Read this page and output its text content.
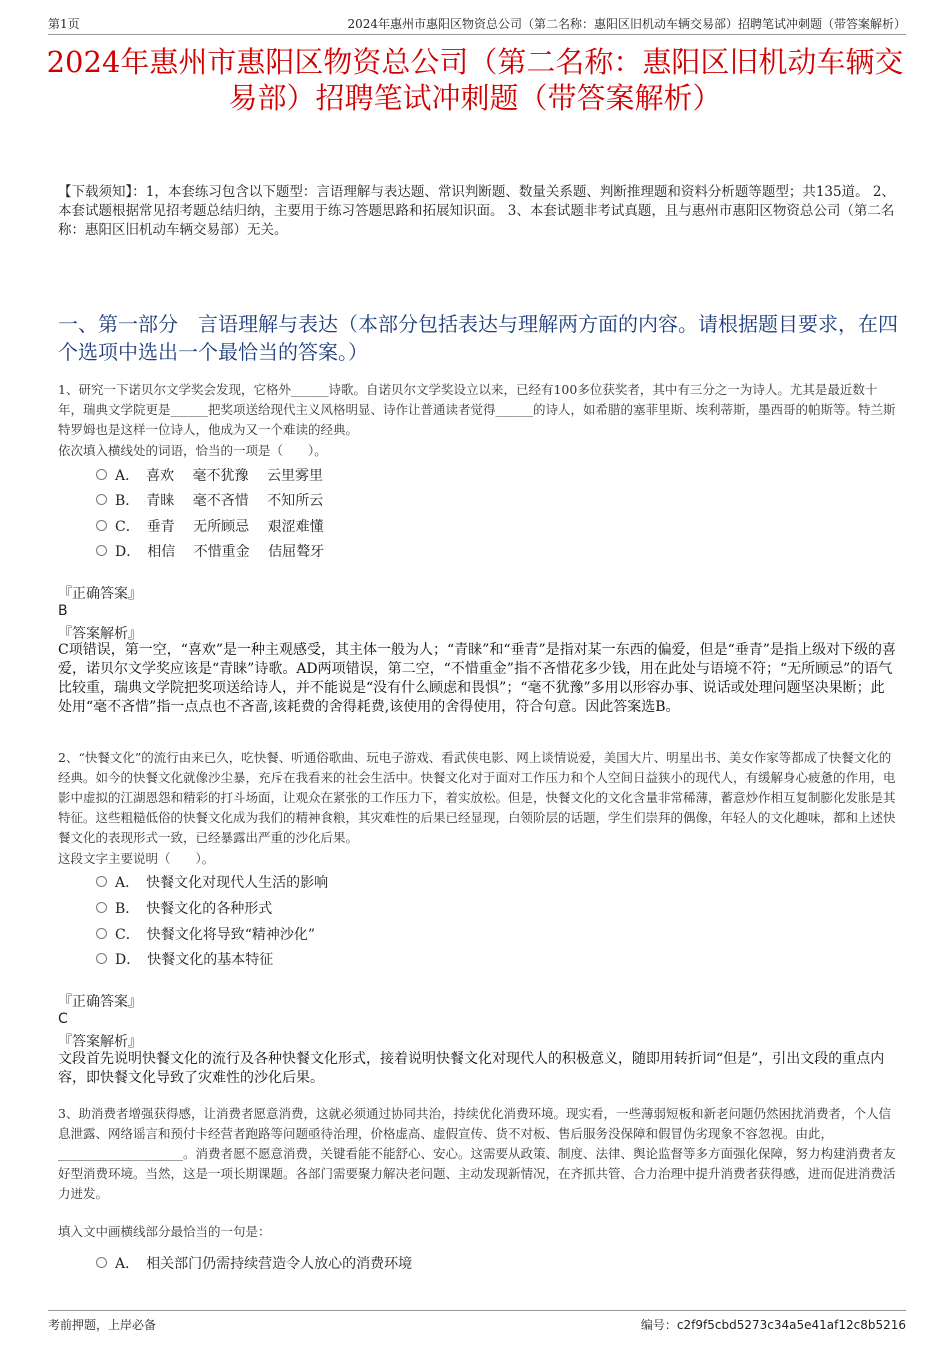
第1页	2024年惠州市惠阳区物资总公司（第二名称：惠阳区旧机动车辆交易部）招聘笔试冲刺题（带答案解析）
2024年惠州市惠阳区物资总公司（第二名称：惠阳区旧机动车辆交易部）招聘笔试冲刺题（带答案解析）
【下载须知】：1，本套练习包含以下题型：言语理解与表达题、常识判断题、数量关系题、判断推理题和资料分析题等题型；共135道。 2、本套试题根据常见招考题总结归纳，主要用于练习答题思路和拓展知识面。 3、本套试题非考试真题，且与惠州市惠阳区物资总公司（第二名称：惠阳区旧机动车辆交易部）无关。
一、第一部分　言语理解与表达（本部分包括表达与理解两方面的内容。请根据题目要求，在四个选项中选出一个最恰当的答案。）
1、研究一下诺贝尔文学奖会发现，它格外______诗歌。自诺贝尔文学奖设立以来，已经有100多位获奖者，其中有三分之一为诗人。尤其是最近数十年，瑞典文学院更是______把奖项送给现代主义风格明显、诗作让普通读者觉得______的诗人，如希腊的塞菲里斯、埃利蒂斯，墨西哥的帕斯等。特兰斯特罗姆也是这样一位诗人，他成为又一个难读的经典。
依次填入横线处的词语，恰当的一项是（　　）。
A．　喜欢　 毫不犹豫　 云里雾里
B．　青睐　 毫不吝惜　 不知所云
C．　垂青　 无所顾忌　 艰涩难懂
D．　相信　 不惜重金　 佶屈聱牙
『正确答案』
B
『答案解析』
C项错误，第一空，“喜欢”是一种主观感受，其主体一般为人；“青睐”和“垂青”是指对某一东西的偏爱，但是“垂青”是指上级对下级的喜爱，诺贝尔文学奖应该是“青睐”诗歌。AD两项错误，第二空，“不惜重金”指不吝惜花多少钱，用在此处与语境不符；“无所顾忌”的语气比较重，瑞典文学院把奖项送给诗人，并不能说是“没有什么顾虑和畏惧”；“毫不犹豫”多用以形容办事、说话或处理问题坚决果断；此处用“毫不吝惜”指一点点也不吝啬,该耗费的舍得耗费,该使用的舍得使用，符合句意。因此答案选B。
2、“快餐文化”的流行由来已久，吃快餐、听通俗歌曲、玩电子游戏、看武侠电影、网上谈情说爱，美国大片、明星出书、美女作家等都成了快餐文化的经典。如今的快餐文化就像沙尘暴，充斥在我看来的社会生活中。快餐文化对于面对工作压力和个人空间日益狭小的现代人，有缓解身心疲惫的作用，电影中虚拟的江湖恩怨和精彩的打斗场面，让观众在紧张的工作压力下，着实放松。但是，快餐文化的文化含量非常稀薄，蓄意炒作相互复制膨化发胀是其特征。这些粗糙低俗的快餐文化成为我们的精神食粮，其灾难性的后果已经显现，白领阶层的话题，学生们崇拜的偶像，年轻人的文化趣味，都和上述快餐文化的表现形式一致，已经暴露出严重的沙化后果。
这段文字主要说明（　　）。
A．　快餐文化对现代人生活的影响
B．　快餐文化的各种形式
C．　快餐文化将导致“精神沙化”
D．　快餐文化的基本特征
『正确答案』
C
『答案解析』
文段首先说明快餐文化的流行及各种快餐文化形式，接着说明快餐文化对现代人的积极意义，随即用转折词“但是”，引出文段的重点内容，即快餐文化导致了灾难性的沙化后果。
3、助消费者增强获得感，让消费者愿意消费，这就必须通过协同共治，持续优化消费环境。现实看，一些薄弱短板和新老问题仍然困扰消费者，个人信息泄露、网络谣言和预付卡经营者跑路等问题亟待治理，价格虚高、虚假宣传、货不对板、售后服务没保障和假冒伪劣现象不容忽视。由此，____________________。消费者愿不愿意消费，关键看能不能舒心、安心。这需要从政策、制度、法律、舆论监督等多方面强化保障，努力构建消费者友好型消费环境。当然，这是一项长期课题。各部门需要聚力解决老问题、主动发现新情况，在齐抓共管、合力治理中提升消费者获得感，进而促进消费活力迸发。
填入文中画横线部分最恰当的一句是：
A．　相关部门仍需持续营造令人放心的消费环境
考前押题，上岸必备	编号：c2f9f5cbd5273c34a5e41af12c8b5216
